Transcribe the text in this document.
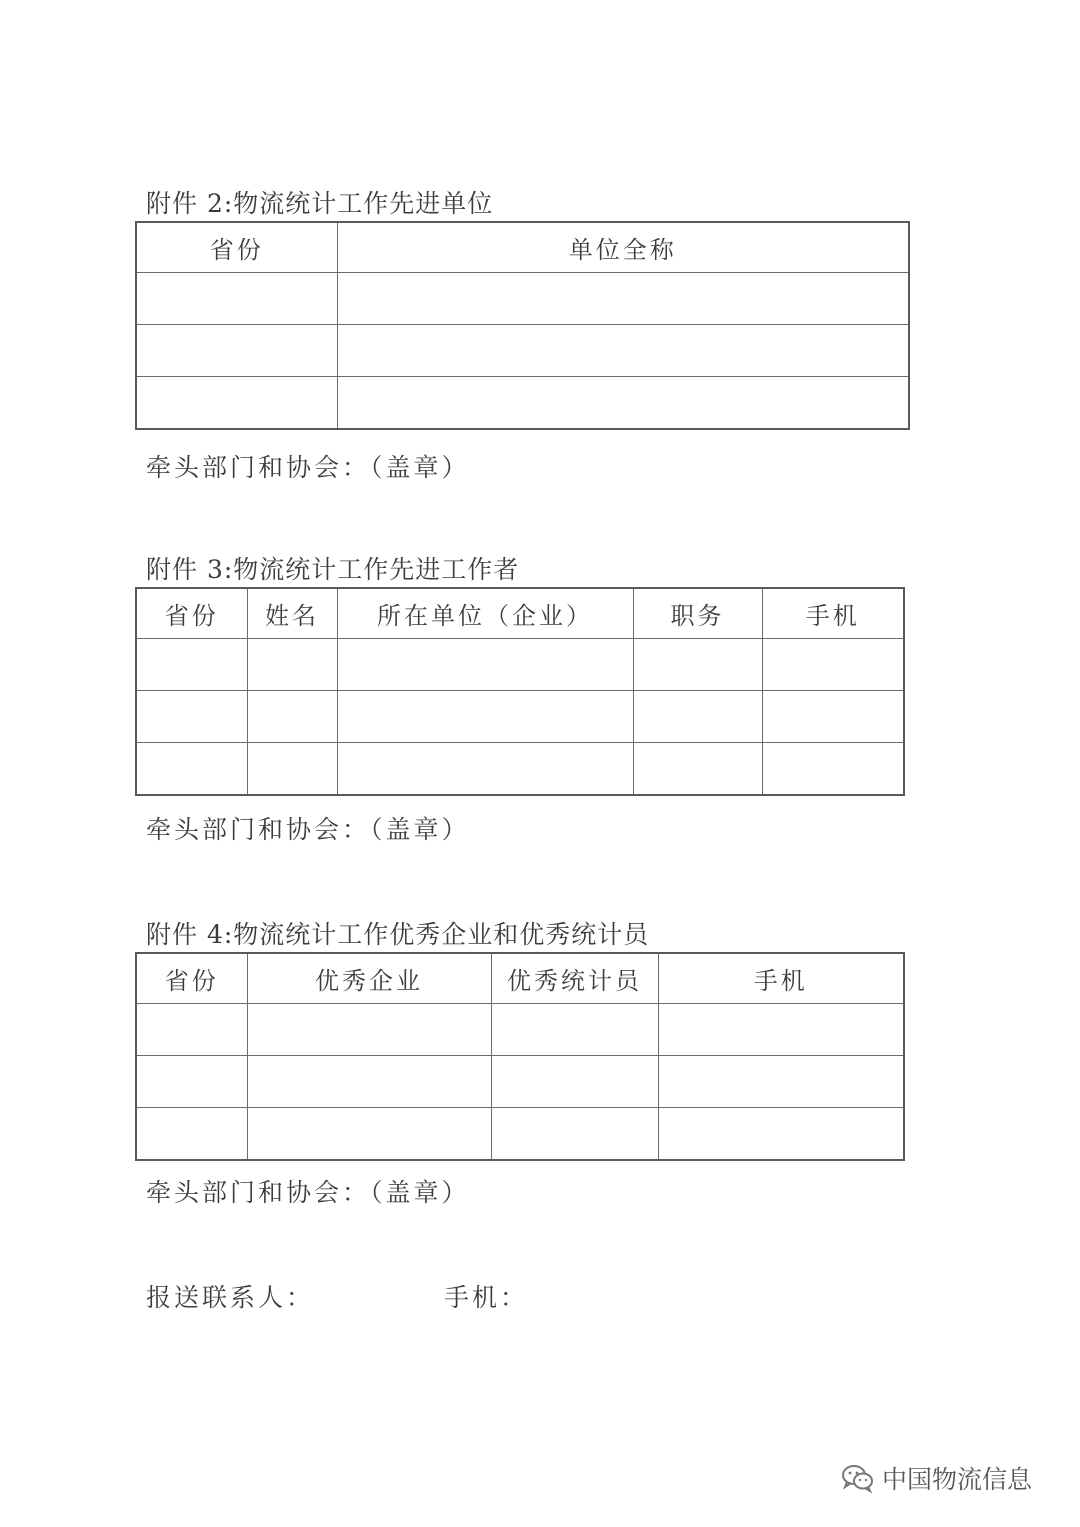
附件 2:物流统计工作先进单位
省份	单位全称

牵头部门和协会：（盖章）
附件 3:物流统计工作先进工作者
省份	姓名	所在单位（企业）	职务	手机

牵头部门和协会：（盖章）
附件 4:物流统计工作优秀企业和优秀统计员
省份	优秀企业	优秀统计员	手机

牵头部门和协会：（盖章）
报送联系人：	手机：
中国物流信息
